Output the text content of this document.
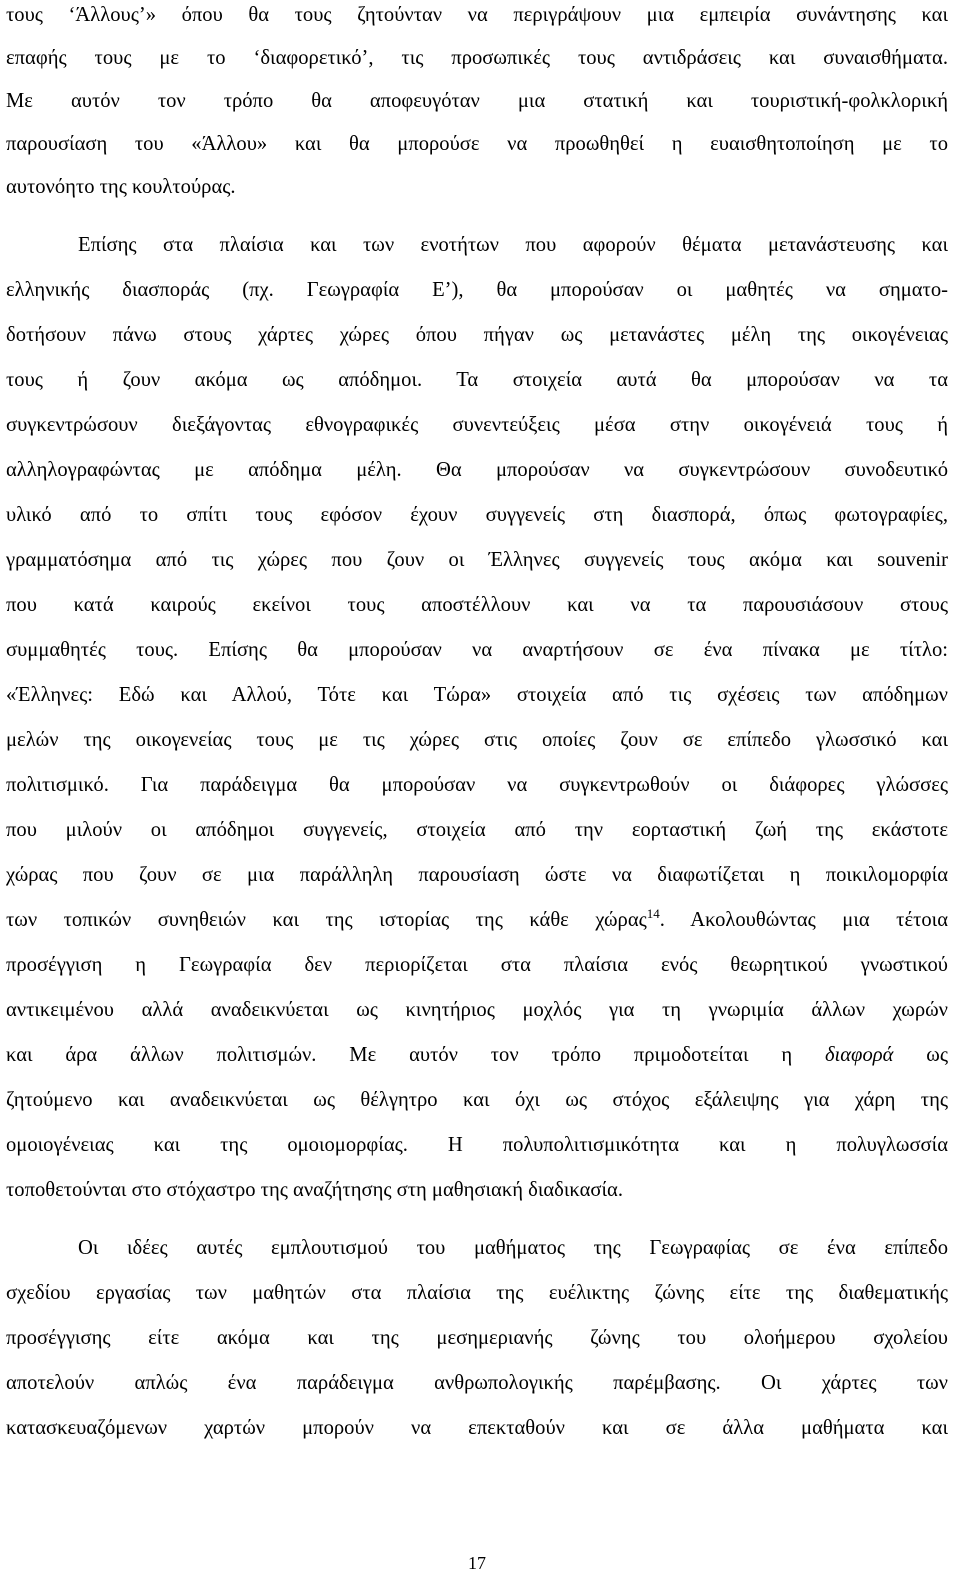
τους ‘Άλλους’» όπου θα τους ζητούνταν να περιγράψουν μια εμπειρία συνάντησης και
επαφής τους με το ‘διαφορετικό’, τις προσωπικές τους αντιδράσεις και συναισθήματα.
Με αυτόν τον τρόπο θα αποφευγόταν μια στατική και τουριστική-φολκλορική
παρουσίαση του «Άλλου» και θα μπορούσε να προωθηθεί η ευαισθητοποίηση με το
αυτονόητο της κουλτούρας.
Επίσης στα πλαίσια και των ενοτήτων που αφορούν θέματα μετανάστευσης και
ελληνικής διασποράς (πχ. Γεωγραφία Ε’), θα μπορούσαν οι μαθητές να σηματο-
δοτήσουν πάνω στους χάρτες χώρες όπου πήγαν ως μετανάστες μέλη της οικογένειας
τους ή ζουν ακόμα ως απόδημοι. Τα στοιχεία αυτά θα μπορούσαν να τα
συγκεντρώσουν διεξάγοντας εθνογραφικές συνεντεύξεις μέσα στην οικογένειά τους ή
αλληλογραφώντας με απόδημα μέλη. Θα μπορούσαν να συγκεντρώσουν συνοδευτικό
υλικό από το σπίτι τους εφόσον έχουν συγγενείς στη διασπορά, όπως φωτογραφίες,
γραμματόσημα από τις χώρες που ζουν οι Έλληνες συγγενείς τους ακόμα και souvenir
που κατά καιρούς εκείνοι τους αποστέλλουν και να τα παρουσιάσουν στους
συμμαθητές τους. Επίσης θα μπορούσαν να αναρτήσουν σε ένα πίνακα με τίτλο:
«Έλληνες: Εδώ και Αλλού, Τότε και Τώρα» στοιχεία από τις σχέσεις των απόδημων
μελών της οικογενείας τους με τις χώρες στις οποίες ζουν σε επίπεδο γλωσσικό και
πολιτισμικό. Για παράδειγμα θα μπορούσαν να συγκεντρωθούν οι διάφορες γλώσσες
που μιλούν οι απόδημοι συγγενείς, στοιχεία από την εορταστική ζωή της εκάστοτε
χώρας που ζουν σε μια παράλληλη παρουσίαση ώστε να διαφωτίζεται η ποικιλομορφία
των τοπικών συνηθειών και της ιστορίας της κάθε χώρας$^{14}$. Ακολουθώντας μια τέτοια
προσέγγιση η Γεωγραφία δεν περιορίζεται στα πλαίσια ενός θεωρητικού γνωστικού
αντικειμένου αλλά αναδεικνύεται ως κινητήριος μοχλός για τη γνωριμία άλλων χωρών
και άρα άλλων πολιτισμών. Με αυτόν τον τρόπο πριμοδοτείται η διαφορά ως
ζητούμενο και αναδεικνύεται ως θέλγητρο και όχι ως στόχος εξάλειψης για χάρη της
ομοιογένειας και της ομοιομορφίας. Η πολυπολιτισμικότητα και η πολυγλωσσία
τοποθετούνται στο στόχαστρο της αναζήτησης στη μαθησιακή διαδικασία.
Οι ιδέες αυτές εμπλουτισμού του μαθήματος της Γεωγραφίας σε ένα επίπεδο
σχεδίου εργασίας των μαθητών στα πλαίσια της ευέλικτης ζώνης είτε της διαθεματικής
προσέγγισης είτε ακόμα και της μεσημεριανής ζώνης του ολοήμερου σχολείου
αποτελούν απλώς ένα παράδειγμα ανθρωπολογικής παρέμβασης. Οι χάρτες των
κατασκευαζόμενων χαρτών μπορούν να επεκταθούν και σε άλλα μαθήματα και
17
